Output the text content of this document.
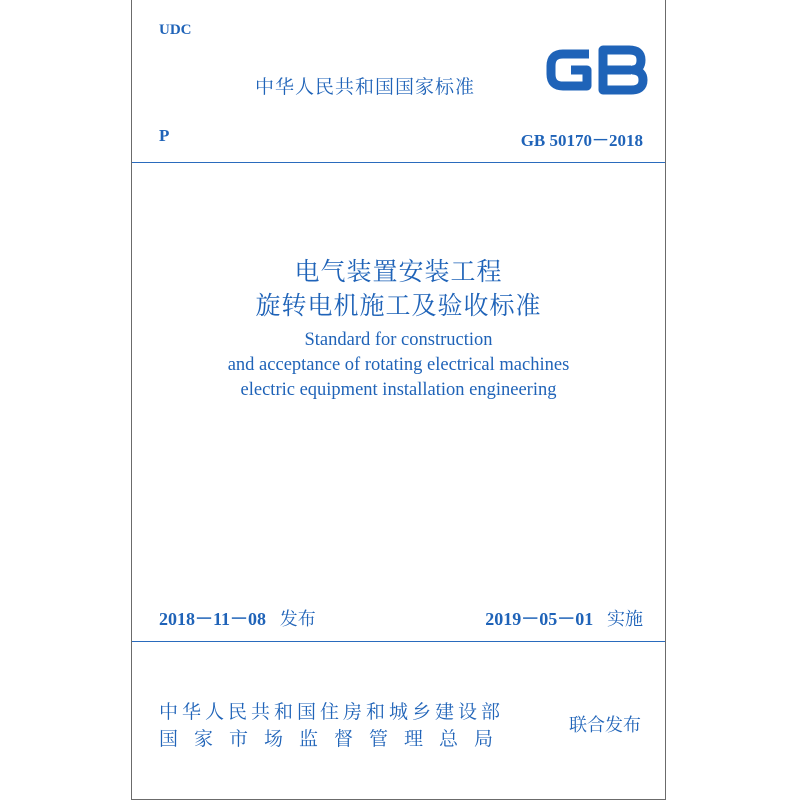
UDC
中华人民共和国国家标准
P	GB 50170－2018
电气装置安装工程
旋转电机施工及验收标准
Standard for construction
and acceptance of rotating electrical machines
electric equipment installation engineering
2018－11－08 发布	2019－05－01 实施
中华人民共和国住房和城乡建设部
国家市场监督管理总局
联合发布
